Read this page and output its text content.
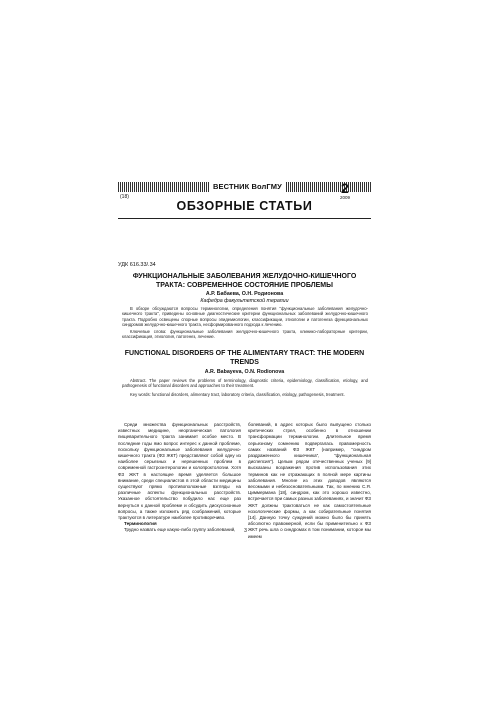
ВЕСТНИК ВолГМУ	2
(18)	2009
ОБЗОРНЫЕ СТАТЬИ
УДК 616.33/.34
ФУНКЦИОНАЛЬНЫЕ ЗАБОЛЕВАНИЯ ЖЕЛУДОЧНО-КИШЕЧНОГО ТРАКТА: СОВРЕМЕННОЕ СОСТОЯНИЕ ПРОБЛЕМЫ
А.Р. Бабаева, О.Н. Родионова
Кафедра факультетской терапии
В обзоре обсуждаются вопросы терминологии, определения понятия "функциональные заболевания желудочно-кишечного тракта", приведены основные диагностические критерии функциональных заболеваний желудочно-кишечного тракта. Подробно освещены спорные вопросы эпидемиологии, классификации, этиологии и патогенеза функциональных синдромов желудочно-кишечного тракта, несформированного подхода к лечению.
Ключевые слова: функциональные заболевания желудочно-кишечного тракта, клинико-лабораторные критерии, классификация, этиология, патогенез, лечение.
FUNCTIONAL DISORDERS OF THE ALIMENTARY TRACT: THE MODERN TRENDS
A.R. Babayeva, O.N. Rodionova
Abstract. The paper reviews the problems of terminology, diagnostic criteria, epidemiology, classification, etiology, and pathogenesis of functional disorders and approaches to their treatment.
Key words: functional disorders, alimentary tract, laboratory criteria, classification, etiology, pathogenesis, treatment.

Среди множества функциональных расстройств, известных медицине, неорганическая патология пищеварительного тракта занимает особое место. В последние годы ямо вопрос интерес к данной проблеме, поскольку функциональные заболевания желудочно-кишечного тракта (ФЗ ЖКТ) представляют собой одну из наиболее серьезных и нерешенных проблем в современной гастроэнтерологии и колопроктологии. Хотя ФЗ ЖКТ в настоящее время уделяется большое внимание, среди специалистов в этой области медицины существуют прямо противоположные взгляды на различные аспекты функциональных расстройств. Указанное обстоятельство побудило нас еще раз вернуться к данной проблеме и обсудить дискуссионные вопросы, а также изложить ряд соображений, которые трактуются в литературе наиболее противоречиво.

Терминология

Трудно назвать еще какую-либо группу заболеваний,

болеваний, в адрес которых было выпущено столько критических стрел, особенно в отношении трансформации терминологии. Длительное время серьезному сомнению подвергалась правомерность самих названий ФЗ ЖКТ (например, "синдром раздраженного кишечника", "функциональная диспепсия"). Целым рядом отечественных ученых [9] высказаны возражения против использования этих терминов как не отражающих в полной мере картины заболевания. Многие из этих доводов являются весомыми и небезосновательными. Так, по мнению С.Я. Циммермана [18], синдром, как это хорошо известно, встречается при самых разных заболеваниях, и значит ФЗ ЖКТ должны трактоваться не как самостоятельные нозологические формы, а как собирательные понятия [14]. Данную точку суждений можно было бы принять абсолютно правомерной, если бы применительно к ФЗ ЖКТ речь шла о синдромах в том понимании, которое мы имеем

3
